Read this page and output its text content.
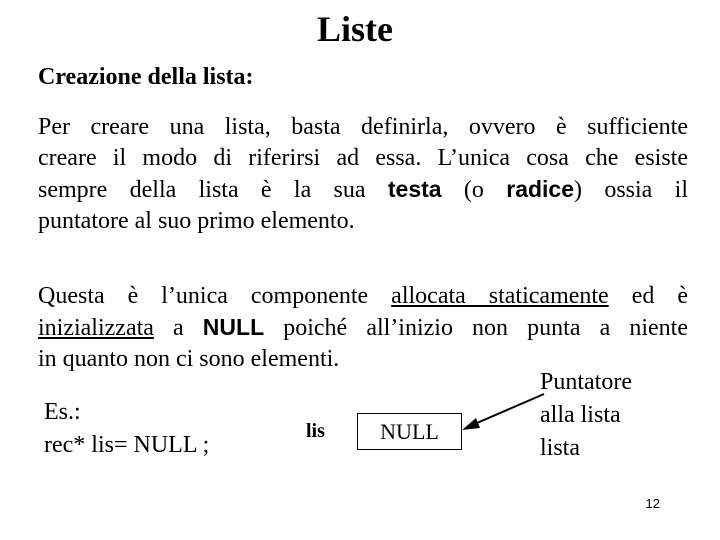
Liste
Creazione della lista:
Per creare una lista, basta definirla, ovvero è sufficiente
creare il modo di riferirsi ad essa. L’unica cosa che esiste
sempre della lista è la sua testa (o radice) ossia il
puntatore al suo primo elemento.
Questa è l’unica componente allocata staticamente ed è
inizializzata a NULL poiché all’inizio non punta a niente
in quanto non ci sono elementi.
Es.:
rec* lis= NULL ;
lis	NULL
Puntatore
alla lista
lista
12
